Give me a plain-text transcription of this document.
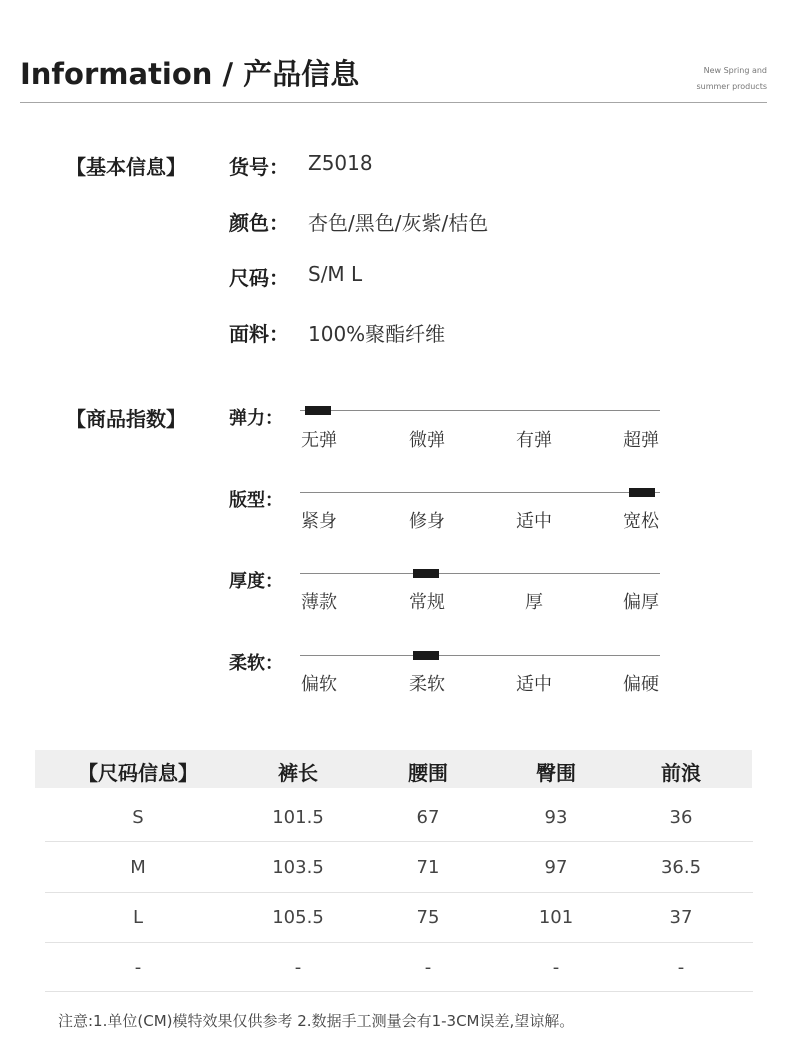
Information / 产品信息	New Spring and
summer products
【基本信息】 货号： Z5018
颜色： 杏色/黑色/灰紫/桔色
尺码： S/M L
面料： 100%聚酯纤维
【商品指数】 弹力：
无弹	微弹	有弹	超弹
版型：
紧身	修身	适中	宽松
厚度：
薄款	常规	厚	偏厚
柔软：
偏软	柔软	适中	偏硬
【尺码信息】	裤长	腰围	臀围	前浪
S	101.5	67	93	36
M	103.5	71	97	36.5
L	105.5	75	101	37
-	-	-	-	-
注意:1.单位(CM)模特效果仅供参考 2.数据手工测量会有1-3CM误差,望谅解。
